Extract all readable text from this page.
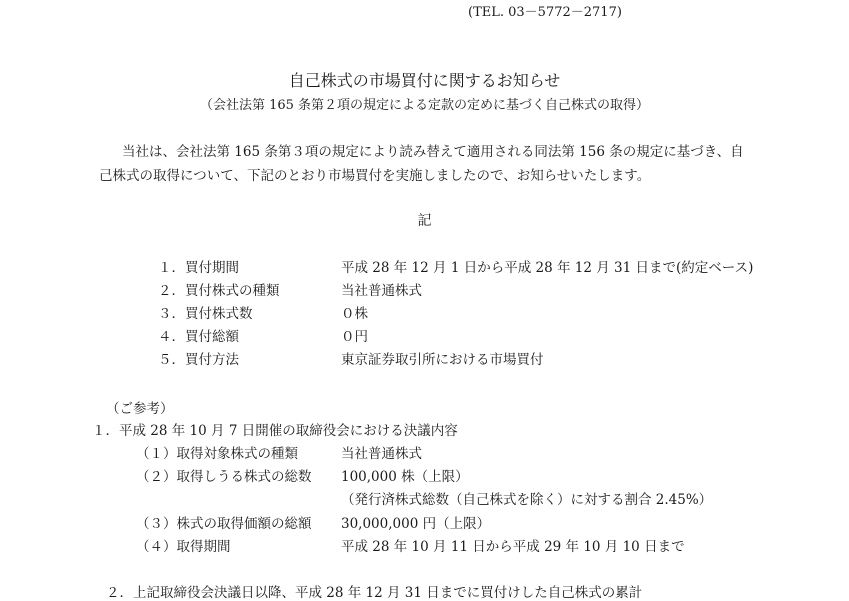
(TEL. 03－5772－2717)
自己株式の市場買付に関するお知らせ
（会社法第 165 条第２項の規定による定款の定めに基づく自己株式の取得）
当社は、会社法第 165 条第３項の規定により読み替えて適用される同法第 156 条の規定に基づき、自
己株式の取得について、下記のとおり市場買付を実施しましたので、お知らせいたします。
記
１．買付期間	平成 28 年 12 月 1 日から平成 28 年 12 月 31 日まで(約定ベース)
２．買付株式の種類	当社普通株式
３．買付株式数	０株
４．買付総額	０円
５．買付方法	東京証券取引所における市場買付
（ご参考）
１．平成 28 年 10 月 7 日開催の取締役会における決議内容
（１）取得対象株式の種類	当社普通株式
（２）取得しうる株式の総数 100,000 株（上限）
（発行済株式総数（自己株式を除く）に対する割合 2.45%）
（３）株式の取得価額の総額 30,000,000 円（上限）
（４）取得期間	平成 28 年 10 月 11 日から平成 29 年 10 月 10 日まで
２．上記取締役会決議日以降、平成 28 年 12 月 31 日までに買付けした自己株式の累計
